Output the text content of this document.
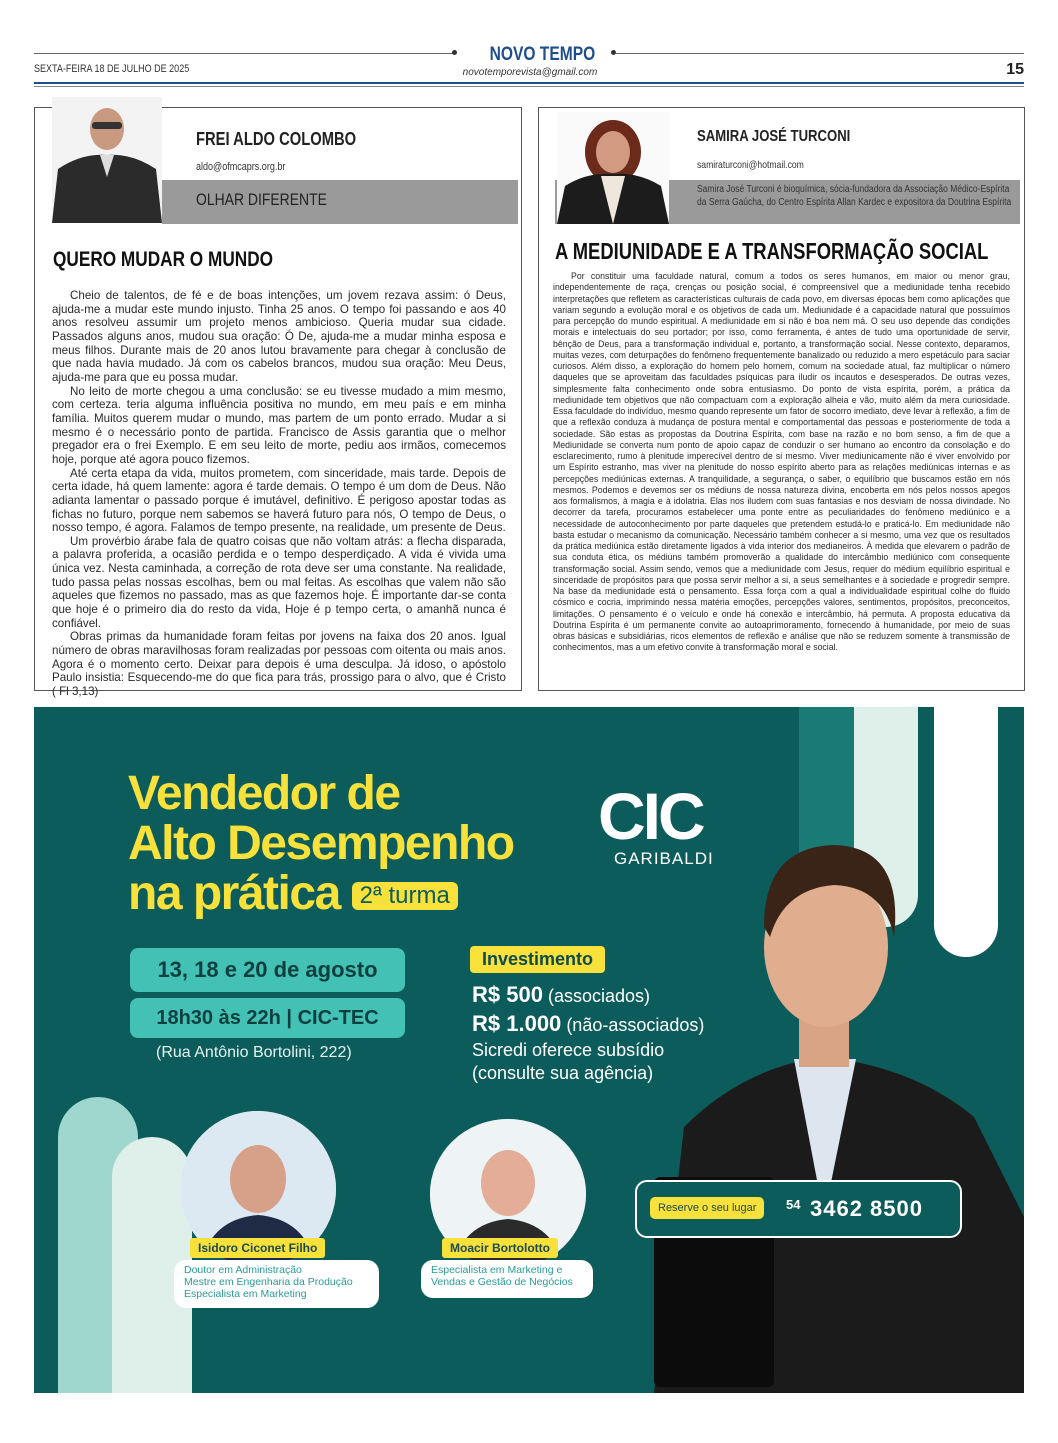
NOVO TEMPO
SEXTA-FEIRA 18 DE JULHO DE 2025	novotemporevista@gmail.com	15
FREI ALDO COLOMBO
aldo@ofmcaprs.org.br
OLHAR DIFERENTE
QUERO MUDAR O MUNDO

Cheio de talentos, de fé e de boas intenções, um jovem rezava assim: ó Deus, ajuda-me a mudar este mundo injusto. Tinha 25 anos. O tempo foi passando e aos 40 anos resolveu assumir um projeto menos ambicioso. Queria mudar sua cidade. Passados alguns anos, mudou sua oração: Ó De, ajuda-me a mudar minha esposa e meus filhos. Durante mais de 20 anos lutou bravamente para chegar à conclusão de que nada havia mudado. Já com os cabelos brancos, mudou sua oração: Meu Deus, ajuda-me para que eu possa mudar.

No leito de morte chegou a uma conclusão: se eu tivesse mudado a mim mesmo, com certeza. teria alguma influência positiva no mundo, em meu país e em minha família. Muitos querem mudar o mundo, mas partem de um ponto errado. Mudar a si mesmo é o necessário ponto de partida. Francisco de Assis garantia que o melhor pregador era o frei Exemplo. E em seu leito de morte, pediu aos irmãos, comecemos hoje, porque até agora pouco fizemos.

Até certa etapa da vida, muitos prometem, com sinceridade, mais tarde. Depois de certa idade, há quem lamente: agora é tarde demais. O tempo é um dom de Deus. Não adianta lamentar o passado porque é imutável, definitivo. É perigoso apostar todas as fichas no futuro, porque nem sabemos se haverá futuro para nós, O tempo de Deus, o nosso tempo, é agora. Falamos de tempo presente, na realidade, um presente de Deus.

Um provérbio árabe fala de quatro coisas que não voltam atrás: a flecha disparada, a palavra proferida, a ocasião perdida e o tempo desperdiçado. A vida é vivida uma única vez. Nesta caminhada, a correção de rota deve ser uma constante. Na realidade, tudo passa pelas nossas escolhas, bem ou mal feitas. As escolhas que valem não são aqueles que fizemos no passado, mas as que fazemos hoje. É importante dar-se conta que hoje é o primeiro dia do resto da vida, Hoje é p tempo certa, o amanhã nunca é confiável.

Obras primas da humanidade foram feitas por jovens na faixa dos 20 anos. Igual número de obras maravilhosas foram realizadas por pessoas com oitenta ou mais anos. Agora é o momento certo. Deixar para depois é uma desculpa. Já idoso, o apóstolo Paulo insistia: Esquecendo-me do que fica para trás, prossigo para o alvo, que é Cristo ( Fl 3,13)

SAMIRA JOSÉ TURCONI
samiraturconi@hotmail.com
Samira José Turconi é bioquímica, sócia-fundadora da Associação Médico-Espírita da Serra Gaúcha, do Centro Espírita Allan Kardec e expositora da Doutrina Espírita
A MEDIUNIDADE E A TRANSFORMAÇÃO SOCIAL

Por constituir uma faculdade natural, comum a todos os seres humanos, em maior ou menor grau, independentemente de raça, crenças ou posição social, é compreensível que a mediunidade tenha recebido interpretações que refletem as características culturais de cada povo, em diversas épocas bem como aplicações que variam segundo a evolução moral e os objetivos de cada um. Mediunidade é a capacidade natural que possuímos para percepção do mundo espiritual. A mediunidade em si não é boa nem má. O seu uso depende das condições morais e intelectuais do seu portador; por isso, como ferramenta, é antes de tudo uma oportunidade de servir, bênção de Deus, para a transformação individual e, portanto, a transformação social. Nesse contexto, deparamos, muitas vezes, com deturpações do fenômeno frequentemente banalizado ou reduzido a mero espetáculo para saciar curiosos. Além disso, a exploração do homem pelo homem, comum na sociedade atual, faz multiplicar o número daqueles que se aproveitam das faculdades psíquicas para iludir os incautos e desesperados. De outras vezes, simplesmente falta conhecimento onde sobra entusiasmo. Do ponto de vista espírita, porém, a prática da mediunidade tem objetivos que não compactuam com a exploração alheia e vão, muito além da mera curiosidade. Essa faculdade do indivíduo, mesmo quando represente um fator de socorro imediato, deve levar à reflexão, a fim de que a reflexão conduza à mudança de postura mental e comportamental das pessoas e posteriormente de toda a sociedade. São estas as propostas da Doutrina Espírita, com base na razão e no bom senso, a fim de que a Mediunidade se converta num ponto de apoio capaz de conduzir o ser humano ao encontro da consolação e do esclarecimento, rumo à plenitude imperecível dentro de si mesmo. Viver mediunicamente não é viver envolvido por um Espírito estranho, mas viver na plenitude do nosso espírito aberto para as relações mediúnicas internas e as percepções mediúnicas externas. A tranquilidade, a segurança, o saber, o equilíbrio que buscamos estão em nós mesmos. Podemos e devemos ser os médiuns de nossa natureza divina, encoberta em nós pelos nossos apegos aos formalismos, à magia e à idolatria. Elas nos iludem com suas fantasias e nos desviam de nossa divindade. No decorrer da tarefa, procuramos estabelecer uma ponte entre as peculiaridades do fenômeno mediúnico e a necessidade de autoconhecimento por parte daqueles que pretendem estudá-lo e praticá-lo. Em mediunidade não basta estudar o mecanismo da comunicação. Necessário também conhecer a si mesmo, uma vez que os resultados da prática mediúnica estão diretamente ligados à vida interior dos medianeiros. À medida que elevarem o padrão de sua conduta ética, os médiuns também promoverão a qualidade do intercâmbio mediúnico com consequente transformação social. Assim sendo, vemos que a mediunidade com Jesus, requer do médium equilíbrio espiritual e sinceridade de propósitos para que possa servir melhor a si, a seus semelhantes e à sociedade e progredir sempre. Na base da mediunidade está o pensamento. Essa força com a qual a individualidade espiritual colhe do fluido cósmico e cocria, imprimindo nessa matéria emoções, percepções valores, sentimentos, propósitos, preconceitos, limitações. O pensamento é o veículo e onde há conexão e intercâmbio, há permuta. A proposta educativa da Doutrina Espírita é um permanente convite ao autoaprimoramento, fornecendo à humanidade, por meio de suas obras básicas e subsidiárias, ricos elementos de reflexão e análise que não se reduzem somente à transmissão de conhecimentos, mas a um efetivo convite à transformação moral e social.

Vendedor de
Alto Desempenho
na prática 2ª turma
CIC
GARIBALDI
13, 18 e 20 de agosto
18h30 às 22h | CIC-TEC
(Rua Antônio Bortolini, 222)
Investimento
R$ 500 (associados)
R$ 1.000 (não-associados)
Sicredi oferece subsídio
(consulte sua agência)
Isidoro Ciconet Filho
Doutor em Administração
Mestre em Engenharia da Produção
Especialista em Marketing
Moacir Bortolotto
Especialista em Marketing e
Vendas e Gestão de Negócios
Reserve o seu lugar	54 3462 8500
